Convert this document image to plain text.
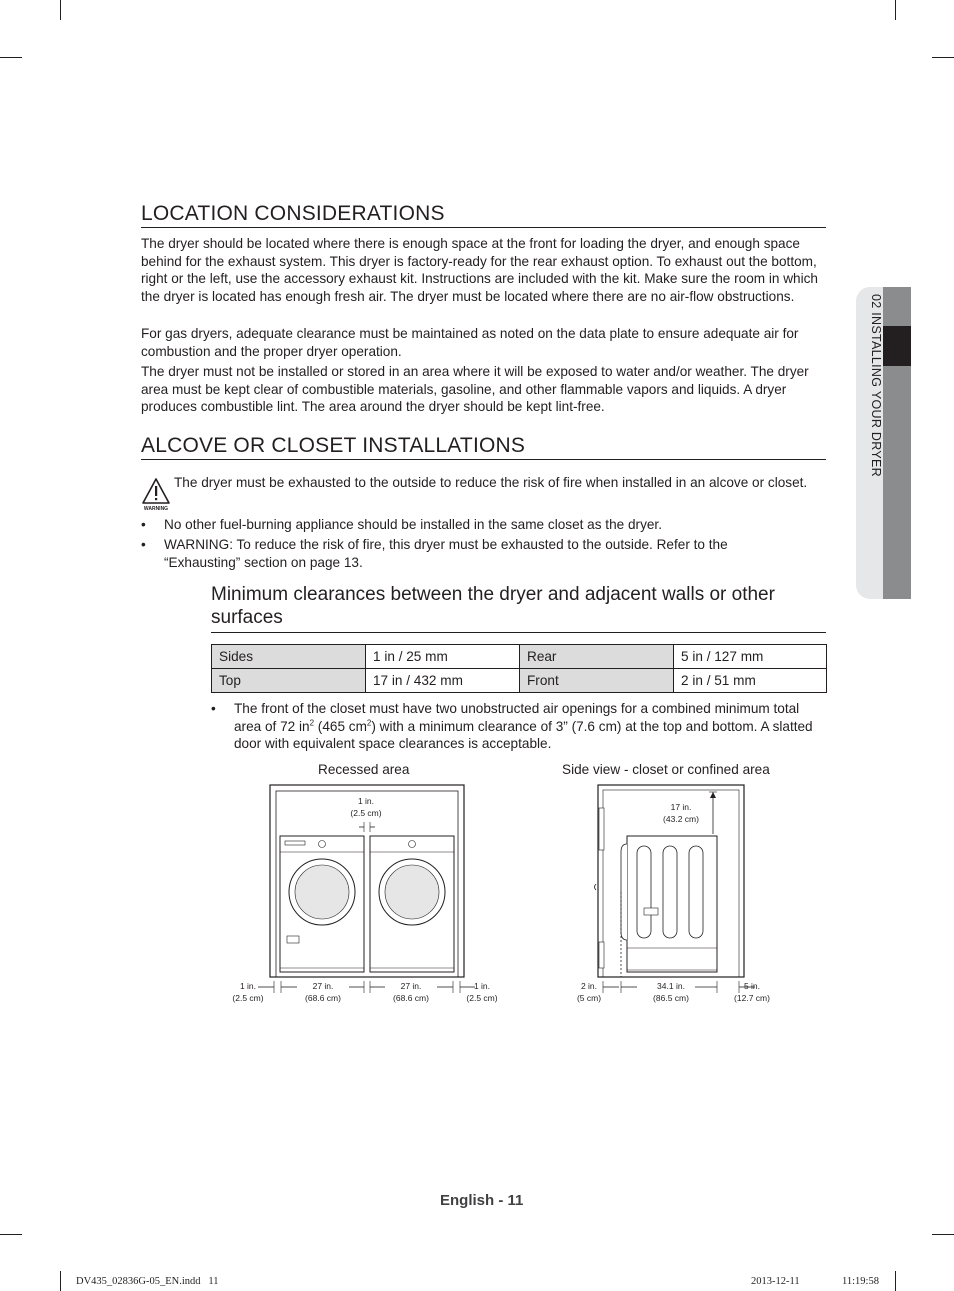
02 INSTALLING YOUR DRYER
LOCATION CONSIDERATIONS
The dryer should be located where there is enough space at the front for loading the dryer, and enough space behind for the exhaust system. This dryer is factory-ready for the rear exhaust option. To exhaust out the bottom, right or the left, use the accessory exhaust kit. Instructions are included with the kit. Make sure the room in which the dryer is located has enough fresh air. The dryer must be located where there are no air-flow obstructions.
For gas dryers, adequate clearance must be maintained as noted on the data plate to ensure adequate air for combustion and the proper dryer operation.
The dryer must not be installed or stored in an area where it will be exposed to water and/or weather. The dryer area must be kept clear of combustible materials, gasoline, and other flammable vapors and liquids. A dryer produces combustible lint. The area around the dryer should be kept lint-free.
ALCOVE OR CLOSET INSTALLATIONS
WARNING
The dryer must be exhausted to the outside to reduce the risk of fire when installed in an alcove or closet.
• No other fuel-burning appliance should be installed in the same closet as the dryer.
• WARNING: To reduce the risk of fire, this dryer must be exhausted to the outside. Refer to the “Exhausting” section on page 13.
Minimum clearances between the dryer and adjacent walls or other surfaces
Sides	1 in / 25 mm	Rear	5 in / 127 mm
Top	17 in / 432 mm	Front	2 in / 51 mm
• The front of the closet must have two unobstructed air openings for a combined minimum total area of 72 $in^2$ (465 $cm^2$) with a minimum clearance of 3” (7.6 cm) at the top and bottom. A slatted door with equivalent space clearances is acceptable.
Recessed area	Side view - closet or confined area
1 in.
(2.5 cm)
1 in.
(2.5 cm)
27 in.
(68.6 cm)
27 in.
(68.6 cm)
1 in.
(2.5 cm)
17 in.
(43.2 cm)
2 in.
(5 cm)
34.1 in.
(86.5 cm)
5 in.
(12.7 cm)
English - 11
DV435_02836G-05_EN.indd   11	2013-12-11	11:19:58
